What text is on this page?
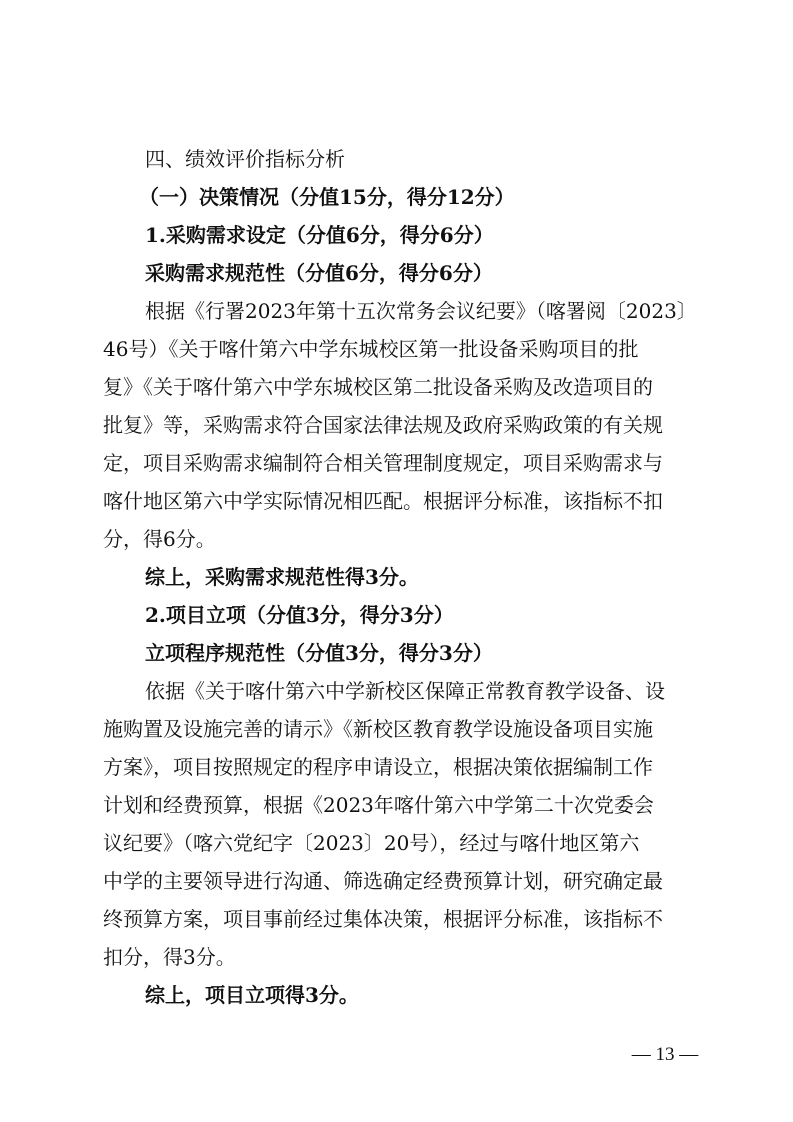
四、绩效评价指标分析
（一）决策情况（分值15分，得分12分）
1.采购需求设定（分值6分，得分6分）
采购需求规范性（分值6分，得分6分）
根据《行署2023年第十五次常务会议纪要》（喀署阅〔2023〕
46号）《关于喀什第六中学东城校区第一批设备采购项目的批
复》《关于喀什第六中学东城校区第二批设备采购及改造项目的
批复》等，采购需求符合国家法律法规及政府采购政策的有关规
定，项目采购需求编制符合相关管理制度规定，项目采购需求与
喀什地区第六中学实际情况相匹配。根据评分标准，该指标不扣
分，得6分。
综上，采购需求规范性得3分。
2.项目立项（分值3分，得分3分）
立项程序规范性（分值3分，得分3分）
依据《关于喀什第六中学新校区保障正常教育教学设备、设
施购置及设施完善的请示》《新校区教育教学设施设备项目实施
方案》，项目按照规定的程序申请设立，根据决策依据编制工作
计划和经费预算，根据《2023年喀什第六中学第二十次党委会
议纪要》（喀六党纪字〔2023〕20号），经过与喀什地区第六
中学的主要领导进行沟通、筛选确定经费预算计划，研究确定最
终预算方案，项目事前经过集体决策，根据评分标准，该指标不
扣分，得3分。
综上，项目立项得3分。
— 13 —
